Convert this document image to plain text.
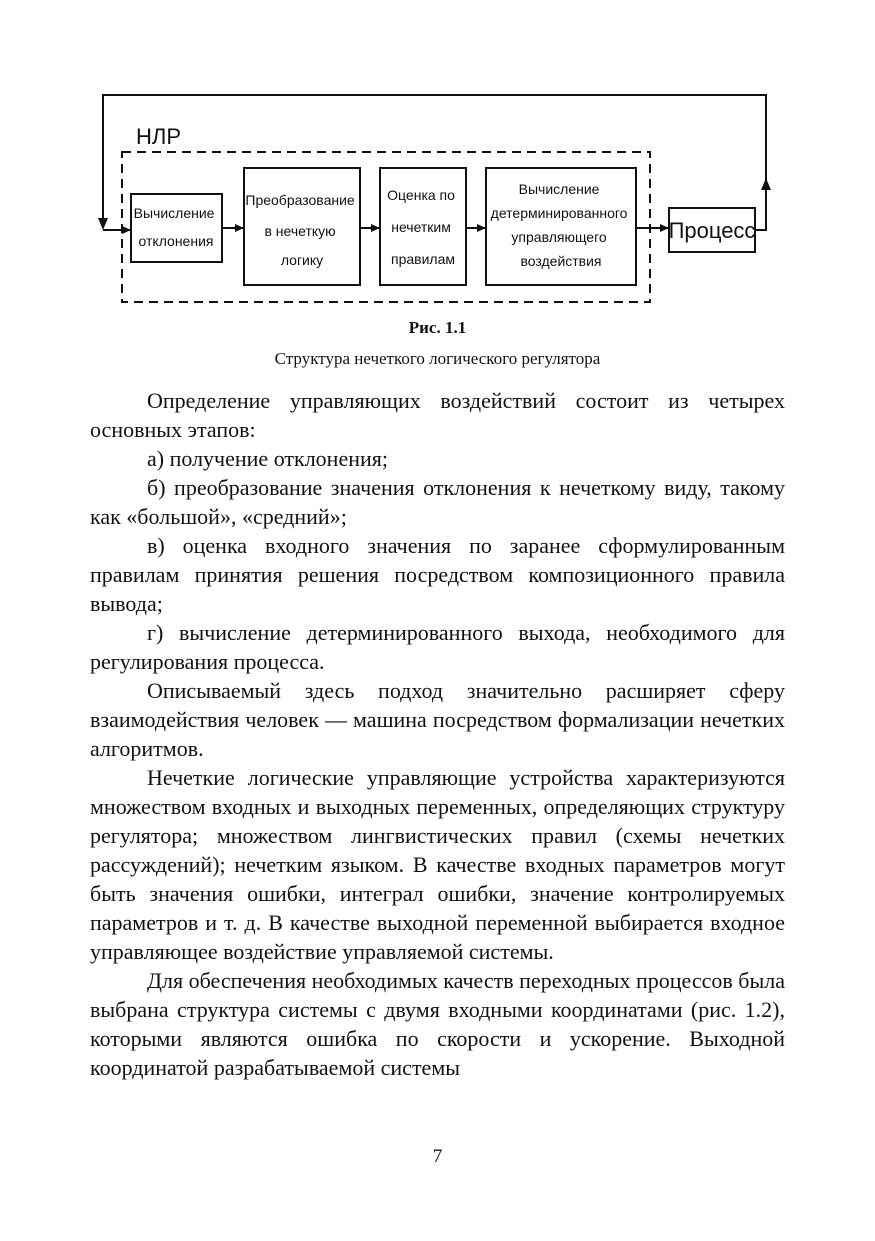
НЛР
Вычисление отклонения
Преобразование в нечеткую логику
Оценка по нечетким правилам
Вычисление детерминированного управляющего воздействия
Процесс
Рис. 1.1
Структура нечеткого логического регулятора

Определение управляющих воздействий состоит из четырех основных этапов:

а) получение отклонения;

б) преобразование значения отклонения к нечеткому виду, такому как «большой», «средний»;

в) оценка входного значения по заранее сформулированным правилам принятия решения посредством композиционного правила вывода;

г) вычисление детерминированного выхода, необходимого для регулирования процесса.

Описываемый здесь подход значительно расширяет сферу взаимодействия человек — машина посредством формализации нечетких алгоритмов.

Нечеткие логические управляющие устройства характеризуются множеством входных и выходных переменных, определяющих структуру регулятора; множеством лингвистических правил (схемы нечетких рассуждений); нечетким языком. В качестве входных параметров могут быть значения ошибки, интеграл ошибки, значение контролируемых параметров и т. д. В качестве выходной переменной выбирается входное управляющее воздействие управляемой системы.

Для обеспечения необходимых качеств переходных процессов была выбрана структура системы с двумя входными координатами (рис. 1.2), которыми являются ошибка по скорости и ускорение. Выходной координатой разрабатываемой системы

7
